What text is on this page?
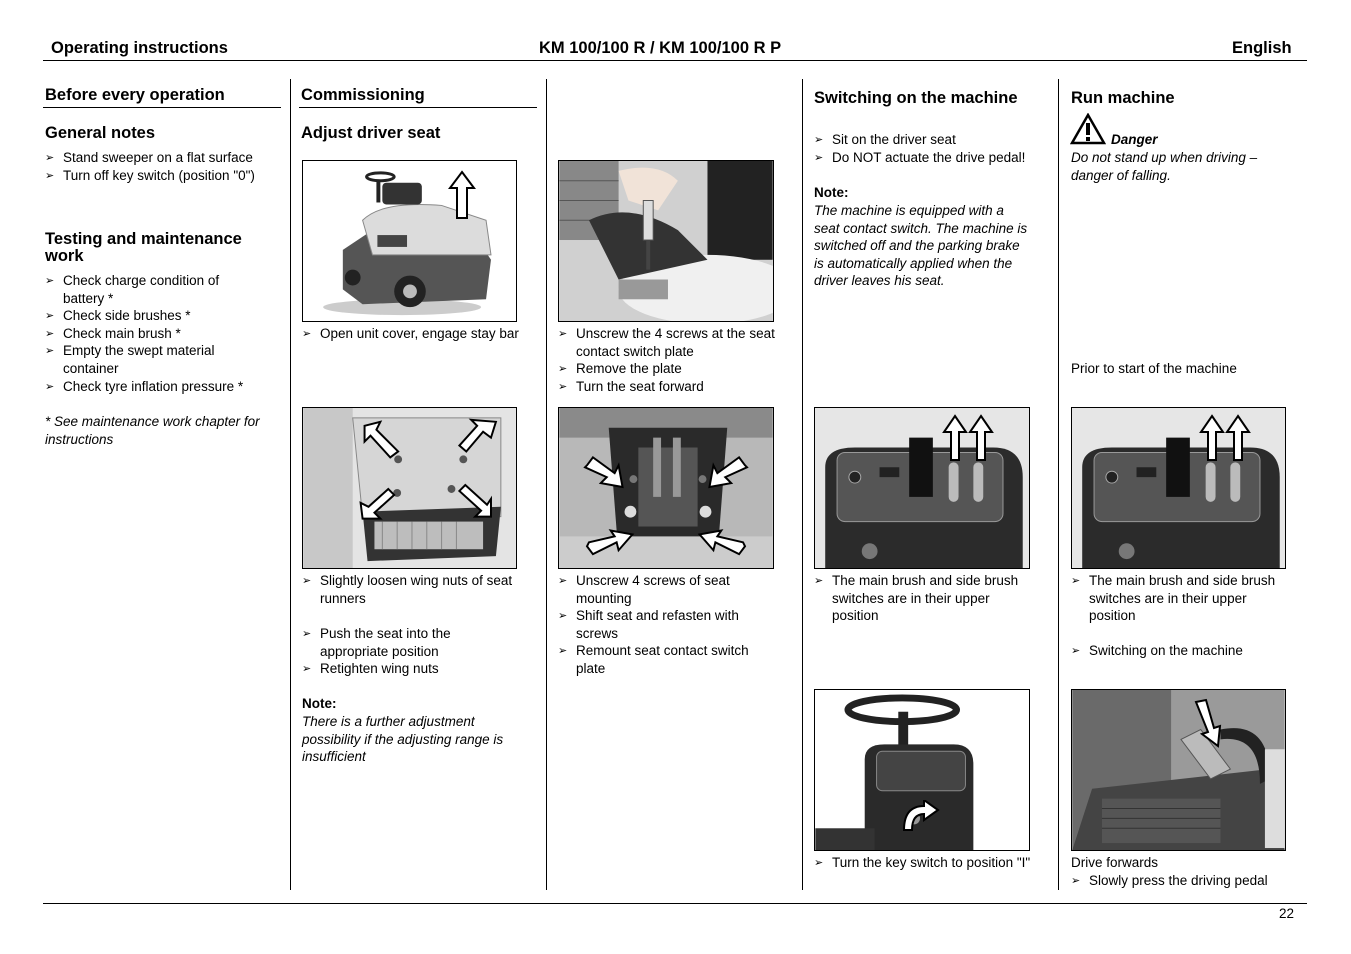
Operating instructions	KM 100/100 R / KM 100/100 R P	English
Before every operation
General notes
➢ Stand sweeper on a flat surface
➢ Turn off key switch (position "0")
Testing and maintenance
work
➢ Check charge condition of
battery *
➢ Check side brushes *
➢ Check main brush *
➢ Empty the swept material
container
➢ Check tyre inflation pressure *
* See maintenance work chapter for
instructions
Commissioning
Adjust driver seat
➢ Open unit cover, engage stay bar
➢ Slightly loosen wing nuts of seat
runners
➢ Push the seat into the
appropriate position
➢ Retighten wing nuts
Note:
There is a further adjustment
possibility if the adjusting range is
insufficient
➢ Unscrew the 4 screws at the seat
contact switch plate
➢ Remove the plate
➢ Turn the seat forward
➢ Unscrew 4 screws of seat
mounting
➢ Shift seat and refasten with
screws
➢ Remount seat contact switch
plate
Switching on the machine
➢ Sit on the driver seat
➢ Do NOT actuate the drive pedal!
Note:
The machine is equipped with a
seat contact switch. The machine is
switched off and the parking brake
is automatically applied when the
driver leaves his seat.
➢ The main brush and side brush
switches are in their upper
position
➢ Turn the key switch to position "I"
Run machine
Danger
Do not stand up when driving –
danger of falling.
Prior to start of the machine
➢ The main brush and side brush
switches are in their upper
position
➢ Switching on the machine
Drive forwards
➢ Slowly press the driving pedal
22
